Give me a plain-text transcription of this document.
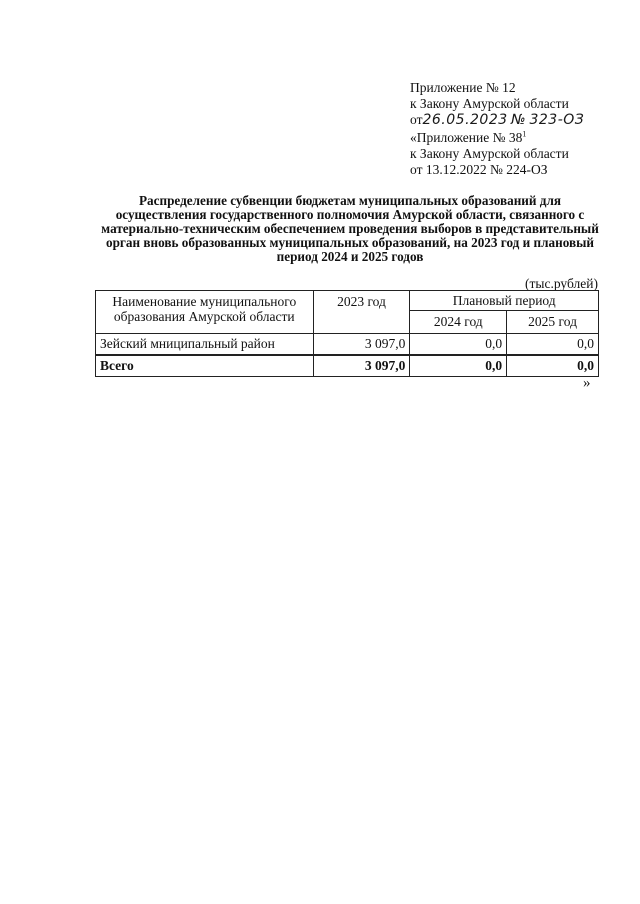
Приложение № 12
к Закону Амурской области
от26.05.2023 № 323-ОЗ
«Приложение № $38^1$
к Закону Амурской области
от 13.12.2022 № 224-ОЗ
Распределение субвенции бюджетам муниципальных образований для
осуществления государственного полномочия Амурской области, связанного с
материально-техническим обеспечением проведения выборов в представительный
орган вновь образованных муниципальных образований, на 2023 год и плановый
период 2024 и 2025 годов
(тыс.рублей)
Наименование муниципального
образования Амурской области	2023 год	Плановый период	
		2024 год	2025 год
Зейский мниципальный район	3 097,0	0,0	0,0
Всего	3 097,0	0,0	0,0
»
